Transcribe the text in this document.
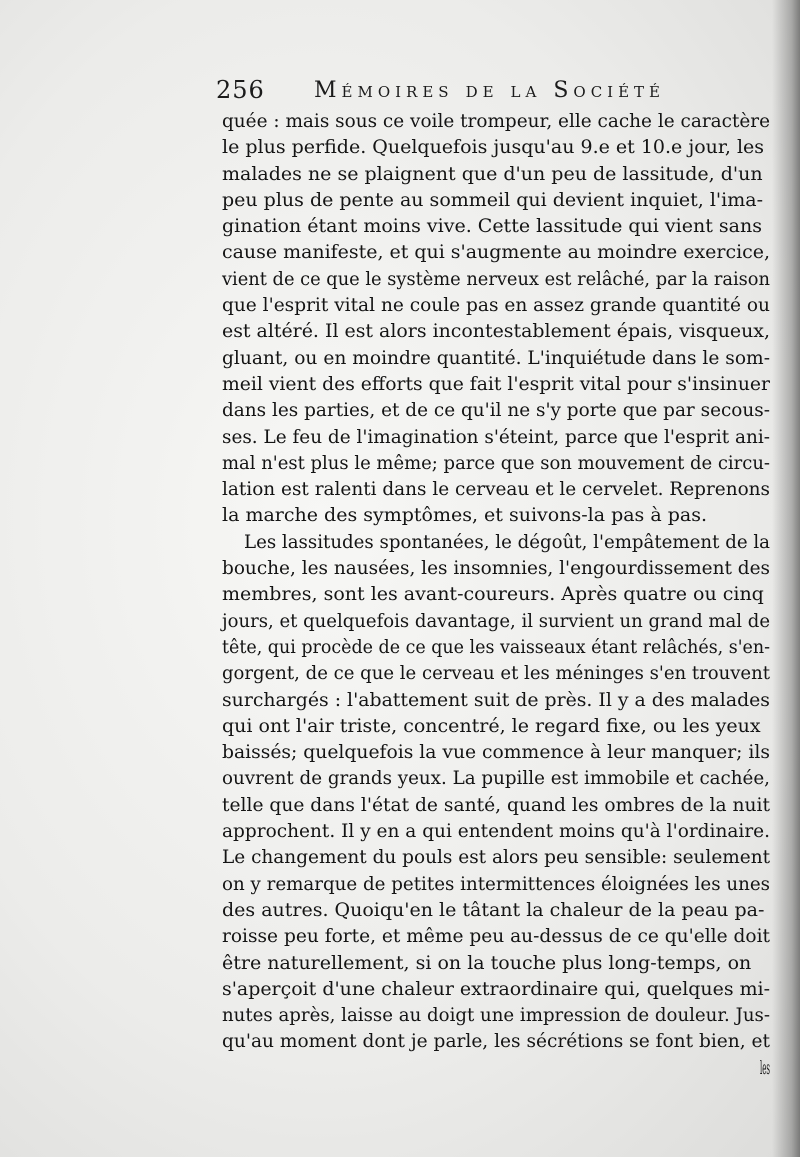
256 Mémoires de la Société
quée : mais sous ce voile trompeur, elle cache le caractère
le plus perfide. Quelquefois jusqu'au 9.e et 10.e jour, les
malades ne se plaignent que d'un peu de lassitude, d'un
peu plus de pente au sommeil qui devient inquiet, l'ima-
gination étant moins vive. Cette lassitude qui vient sans
cause manifeste, et qui s'augmente au moindre exercice,
vient de ce que le système nerveux est relâché, par la raison
que l'esprit vital ne coule pas en assez grande quantité ou
est altéré. Il est alors incontestablement épais, visqueux,
gluant, ou en moindre quantité. L'inquiétude dans le som-
meil vient des efforts que fait l'esprit vital pour s'insinuer
dans les parties, et de ce qu'il ne s'y porte que par secous-
ses. Le feu de l'imagination s'éteint, parce que l'esprit ani-
mal n'est plus le même; parce que son mouvement de circu-
lation est ralenti dans le cerveau et le cervelet. Reprenons
la marche des symptômes, et suivons-la pas à pas.
Les lassitudes spontanées, le dégoût, l'empâtement de la
bouche, les nausées, les insomnies, l'engourdissement des
membres, sont les avant-coureurs. Après quatre ou cinq
jours, et quelquefois davantage, il survient un grand mal de
tête, qui procède de ce que les vaisseaux étant relâchés, s'en-
gorgent, de ce que le cerveau et les méninges s'en trouvent
surchargés : l'abattement suit de près. Il y a des malades
qui ont l'air triste, concentré, le regard fixe, ou les yeux
baissés; quelquefois la vue commence à leur manquer; ils
ouvrent de grands yeux. La pupille est immobile et cachée,
telle que dans l'état de santé, quand les ombres de la nuit
approchent. Il y en a qui entendent moins qu'à l'ordinaire.
Le changement du pouls est alors peu sensible: seulement
on y remarque de petites intermittences éloignées les unes
des autres. Quoiqu'en le tâtant la chaleur de la peau pa-
roisse peu forte, et même peu au-dessus de ce qu'elle doit
être naturellement, si on la touche plus long-temps, on
s'aperçoit d'une chaleur extraordinaire qui, quelques mi-
nutes après, laisse au doigt une impression de douleur. Jus-
qu'au moment dont je parle, les sécrétions se font bien, et
les
